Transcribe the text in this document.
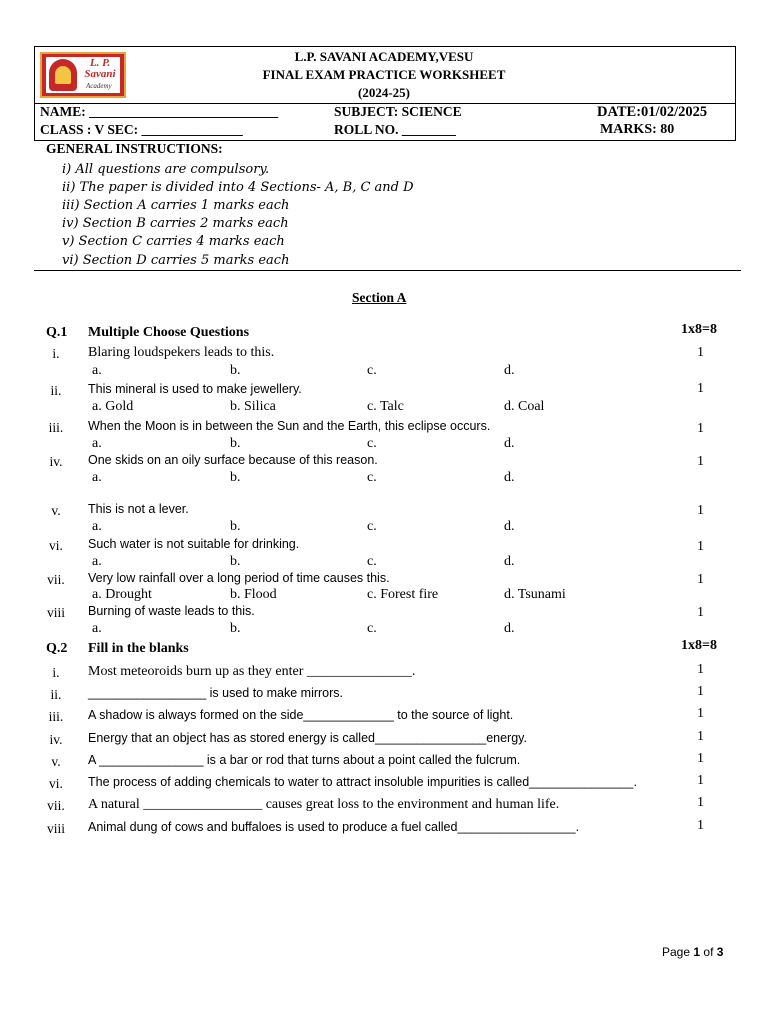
L. P. Savani
Academy
L.P. SAVANI ACADEMY,VESU
FINAL EXAM PRACTICE WORKSHEET
(2024-25)
NAME: ____________________________	SUBJECT: SCIENCE	DATE:01/02/2025
CLASS : V SEC: _______________	ROLL NO. ________	MARKS: 80
GENERAL INSTRUCTIONS:
i) All questions are compulsory.
ii) The paper is divided into 4 Sections- A, B, C and D
iii) Section A carries 1 marks each
iv) Section B carries 2 marks each
v) Section C carries 4 marks each
vi) Section D carries 5 marks each
Section A
Q.1 Multiple Choose Questions	1x8=8
i.	Blaring loudspekers leads to this.
a.	b.	c.	d.
1
ii.	This mineral is used to make jewellery.
a. Gold	b. Silica	c. Talc	d. Coal
1
iii.	When the Moon is in between the Sun and the Earth, this eclipse occurs.
a.	b.	c.	d.
1
iv.	One skids on an oily surface because of this reason.
a.	b.	c.	d.
1
v.	This is not a lever.
a.	b.	c.	d.
1
vi.	Such water is not suitable for drinking.
a.	b.	c.	d.
1
vii.	Very low rainfall over a long period of time causes this.
a. Drought	b. Flood	c. Forest fire	d. Tsunami
1
viii	Burning of waste leads to this.
a.	b.	c.	d.
1
Q.2 Fill in the blanks	1x8=8
i.	Most meteoroids burn up as they enter _______________.	1
ii.	_________________ is used to make mirrors.	1
iii.	A shadow is always formed on the side_____________ to the source of light.	1
iv.	Energy that an object has as stored energy is called________________energy.	1
v.	A _______________ is a bar or rod that turns about a point called the fulcrum.	1
vi.	The process of adding chemicals to water to attract insoluble impurities is called_______________.	1
vii.	A natural _________________ causes great loss to the environment and human life.	1
viii	Animal dung of cows and buffaloes is used to produce a fuel called_________________.	1
Page 1 of 3
